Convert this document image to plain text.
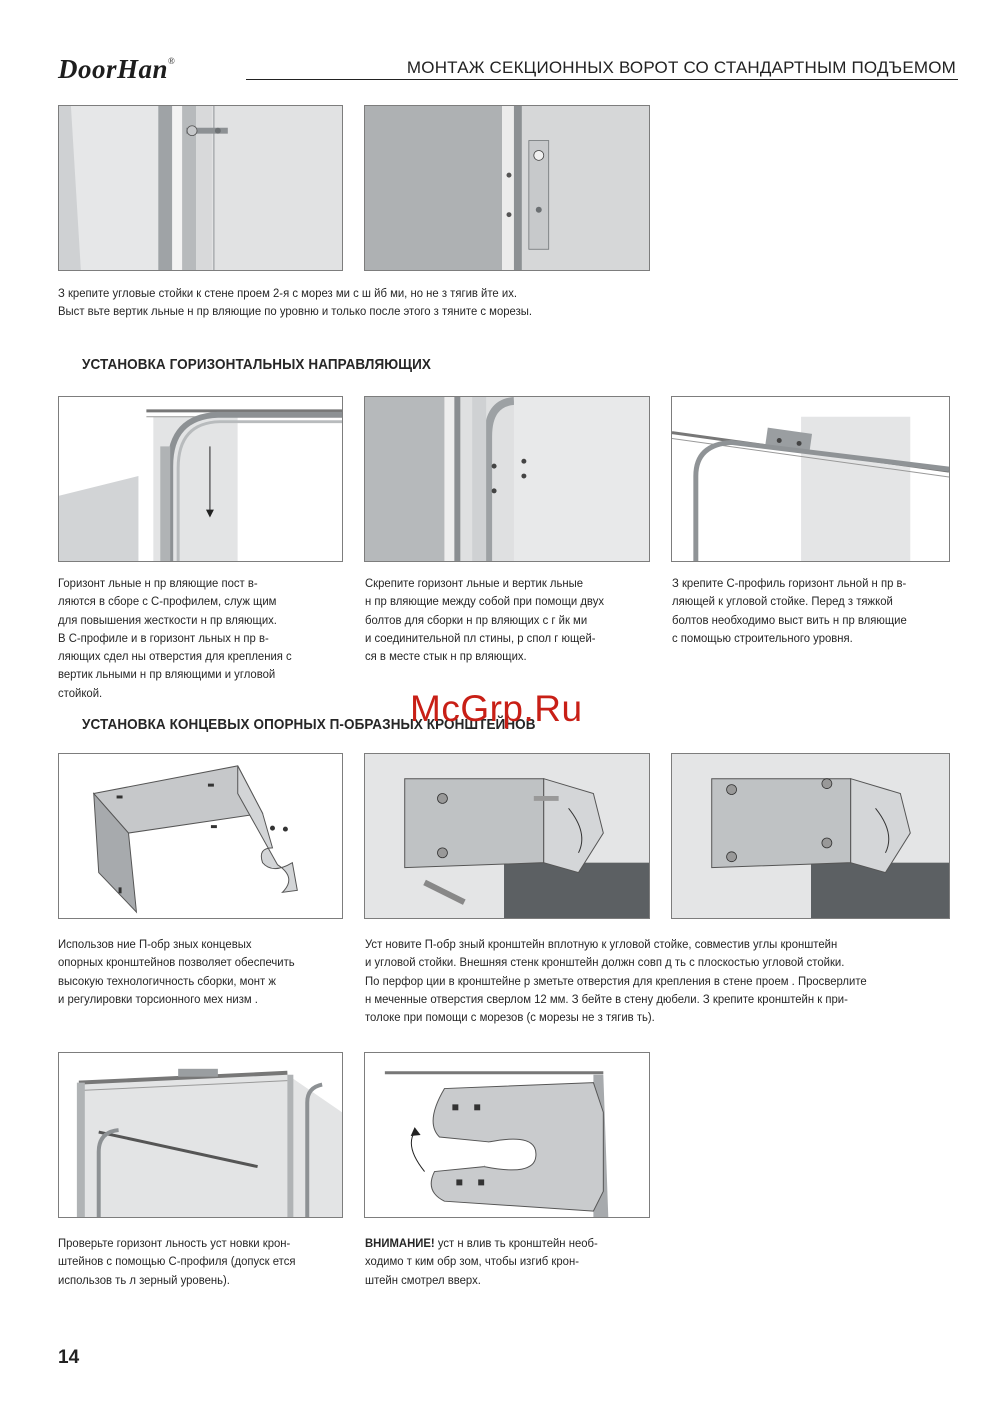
DoorHan®	МОНТАЖ СЕКЦИОННЫХ ВОРОТ СО СТАНДАРТНЫМ ПОДЪЕМОМ

З крепите угловые стойки к стене проем 2-я с морез ми с ш йб ми, но не з тягив йте их.

Выст вьте вертик льные н пр вляющие по уровню и только после этого з тяните с морезы.

УСТАНОВКА ГОРИЗОНТАЛЬНЫХ НАПРАВЛЯЮЩИХ

Горизонт льные н пр вляющие пост в-

ляются в сборе с С-профилем, служ щим

для повышения жесткости н пр вляющих.

В С-профиле и в горизонт льных н пр в-

ляющих сдел ны отверстия для крепления с

вертик льными н пр вляющими и угловой

стойкой.

Скрепите горизонт льные и вертик льные

н пр вляющие между собой при помощи двух

болтов для сборки н пр вляющих с г йк ми

и соединительной пл стины, р спол г ющей-

ся в месте стык н пр вляющих.

З крепите С-профиль горизонт льной н пр в-

ляющей к угловой стойке. Перед з тяжкой

болтов необходимо выст вить н пр вляющие

с помощью строительного уровня.

УСТАНОВКА КОНЦЕВЫХ ОПОРНЫХ П-ОБРАЗНЫХ КРОНШТЕЙНОВ
McGrp.Ru

Использов ние П-обр зных концевых

опорных кронштейнов позволяет обеспечить

высокую технологичность сборки, монт ж

и регулировки торсионного мех низм .

Уст новите П-обр зный кронштейн вплотную к угловой стойке, совместив углы кронштейн

и угловой стойки. Внешняя стенк кронштейн должн совп д ть с плоскостью угловой стойки.

По перфор ции в кронштейне р зметьте отверстия для крепления в стене проем . Просверлите

н меченные отверстия сверлом 12 мм. З бейте в стену дюбели. З крепите кронштейн к при-

толоке при помощи с морезов (с морезы не з тягив ть).

Проверьте горизонт льность уст новки крон-

штейнов с помощью С-профиля (допуск ется

использов ть л зерный уровень).

ВНИМАНИЕ! уст н влив ть кронштейн необ-

ходимо т ким обр зом, чтобы изгиб крон-

штейн смотрел вверх.

14
